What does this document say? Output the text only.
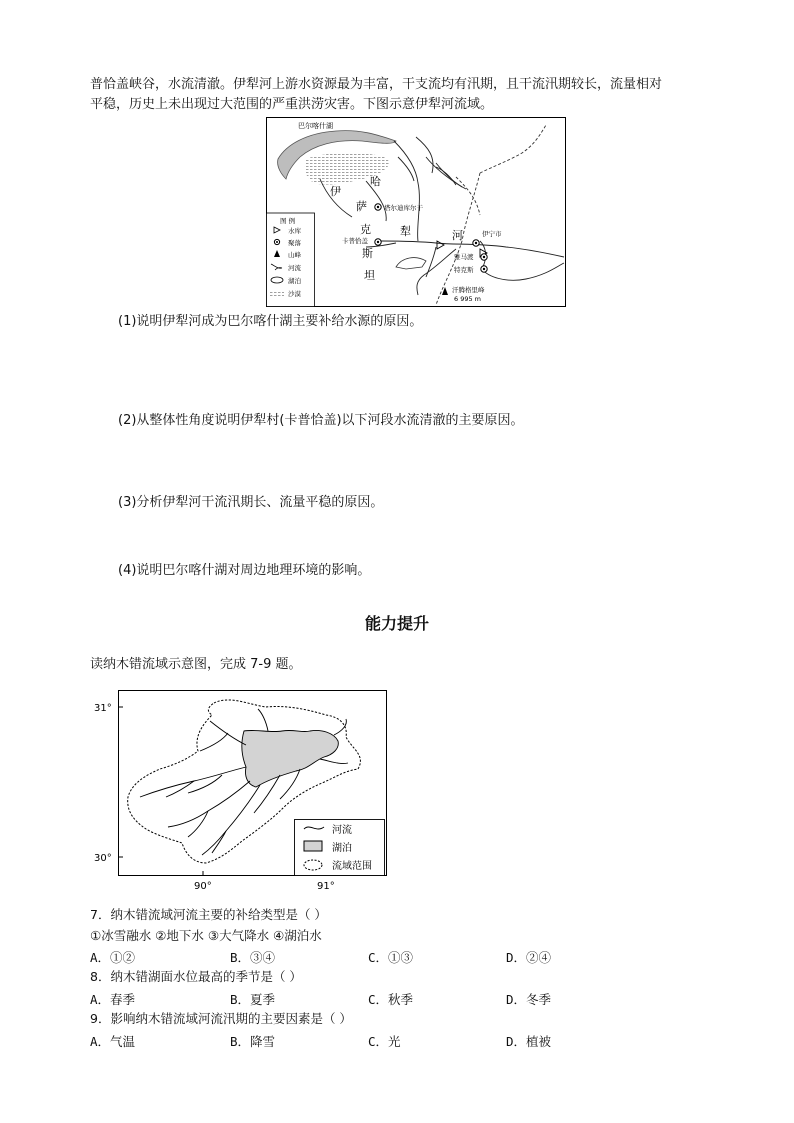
普恰盖峡谷，水流清澈。伊犁河上游水资源最为丰富，干支流均有汛期，且干流汛期较长，流量相对
平稳，历史上未出现过大范围的严重洪涝灾害。下图示意伊犁河流域。
巴尔喀什湖
伊
哈
萨
克
斯
坦
犁	河
塔尔迪库尔干
卡普恰盖
伊宁市
雅马渡
特克斯
汗腾格里峰
6 995 m
图 例
水库
聚落
山峰
河流
湖泊
沙漠
(1)说明伊犁河成为巴尔喀什湖主要补给水源的原因。
(2)从整体性角度说明伊犁村(卡普恰盖)以下河段水流清澈的主要原因。
(3)分析伊犁河干流汛期长、流量平稳的原因。
(4)说明巴尔喀什湖对周边地理环境的影响。
能力提升
读纳木错流域示意图，完成 7-9 题。
31°
30°
90°	91°
河流
湖泊
流域范围
7．纳木错流域河流主要的补给类型是（ ）
①冰雪融水 ②地下水 ③大气降水 ④湖泊水
A．①②	B．③④	C．①③	D．②④
8．纳木错湖面水位最高的季节是（ ）
A．春季	B．夏季	C．秋季	D．冬季
9．影响纳木错流域河流汛期的主要因素是（ ）
A．气温	B．降雪	C．光	D．植被
